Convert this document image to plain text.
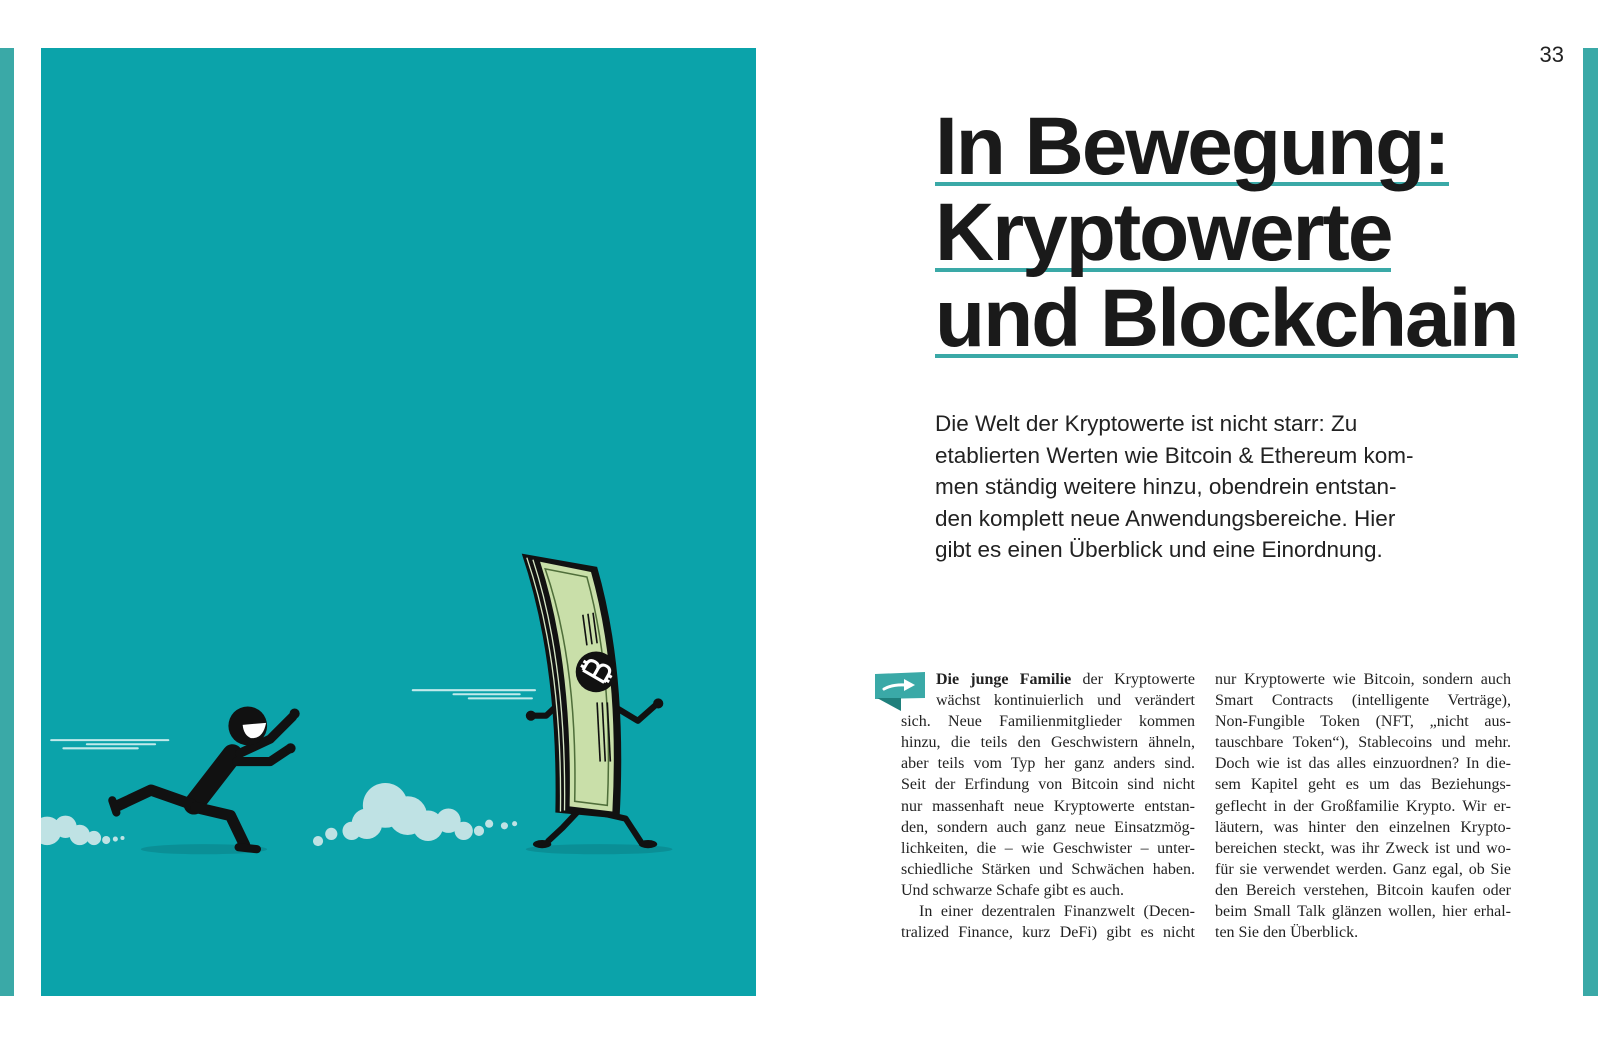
33
In Bewegung:
Kryptowerte
und Blockchain
Die Welt der Kryptowerte ist nicht starr: Zu
etablierten Werten wie Bitcoin & Ethereum kom-
men ständig weitere hinzu, obendrein entstan-
den komplett neue Anwendungsbereiche. Hier
gibt es einen Überblick und eine Einordnung.
Die junge Familie der Kryptowerte
wächst kontinuierlich und verändert
sich. Neue Familienmitglieder kommen
hinzu, die teils den Geschwistern ähneln,
aber teils vom Typ her ganz anders sind.
Seit der Erfindung von Bitcoin sind nicht
nur massenhaft neue Kryptowerte entstan-
den, sondern auch ganz neue Einsatzmög-
lichkeiten, die – wie Geschwister – unter-
schiedliche Stärken und Schwächen haben.
Und schwarze Schafe gibt es auch.
In einer dezentralen Finanzwelt (Decen-
tralized Finance, kurz DeFi) gibt es nicht
nur Kryptowerte wie Bitcoin, sondern auch
Smart Contracts (intelligente Verträge),
Non-Fungible Token (NFT, „nicht aus-
tauschbare Token“), Stablecoins und mehr.
Doch wie ist das alles einzuordnen? In die-
sem Kapitel geht es um das Beziehungs-
geflecht in der Großfamilie Krypto. Wir er-
läutern, was hinter den einzelnen Krypto-
bereichen steckt, was ihr Zweck ist und wo-
für sie verwendet werden. Ganz egal, ob Sie
den Bereich verstehen, Bitcoin kaufen oder
beim Small Talk glänzen wollen, hier erhal-
ten Sie den Überblick.
